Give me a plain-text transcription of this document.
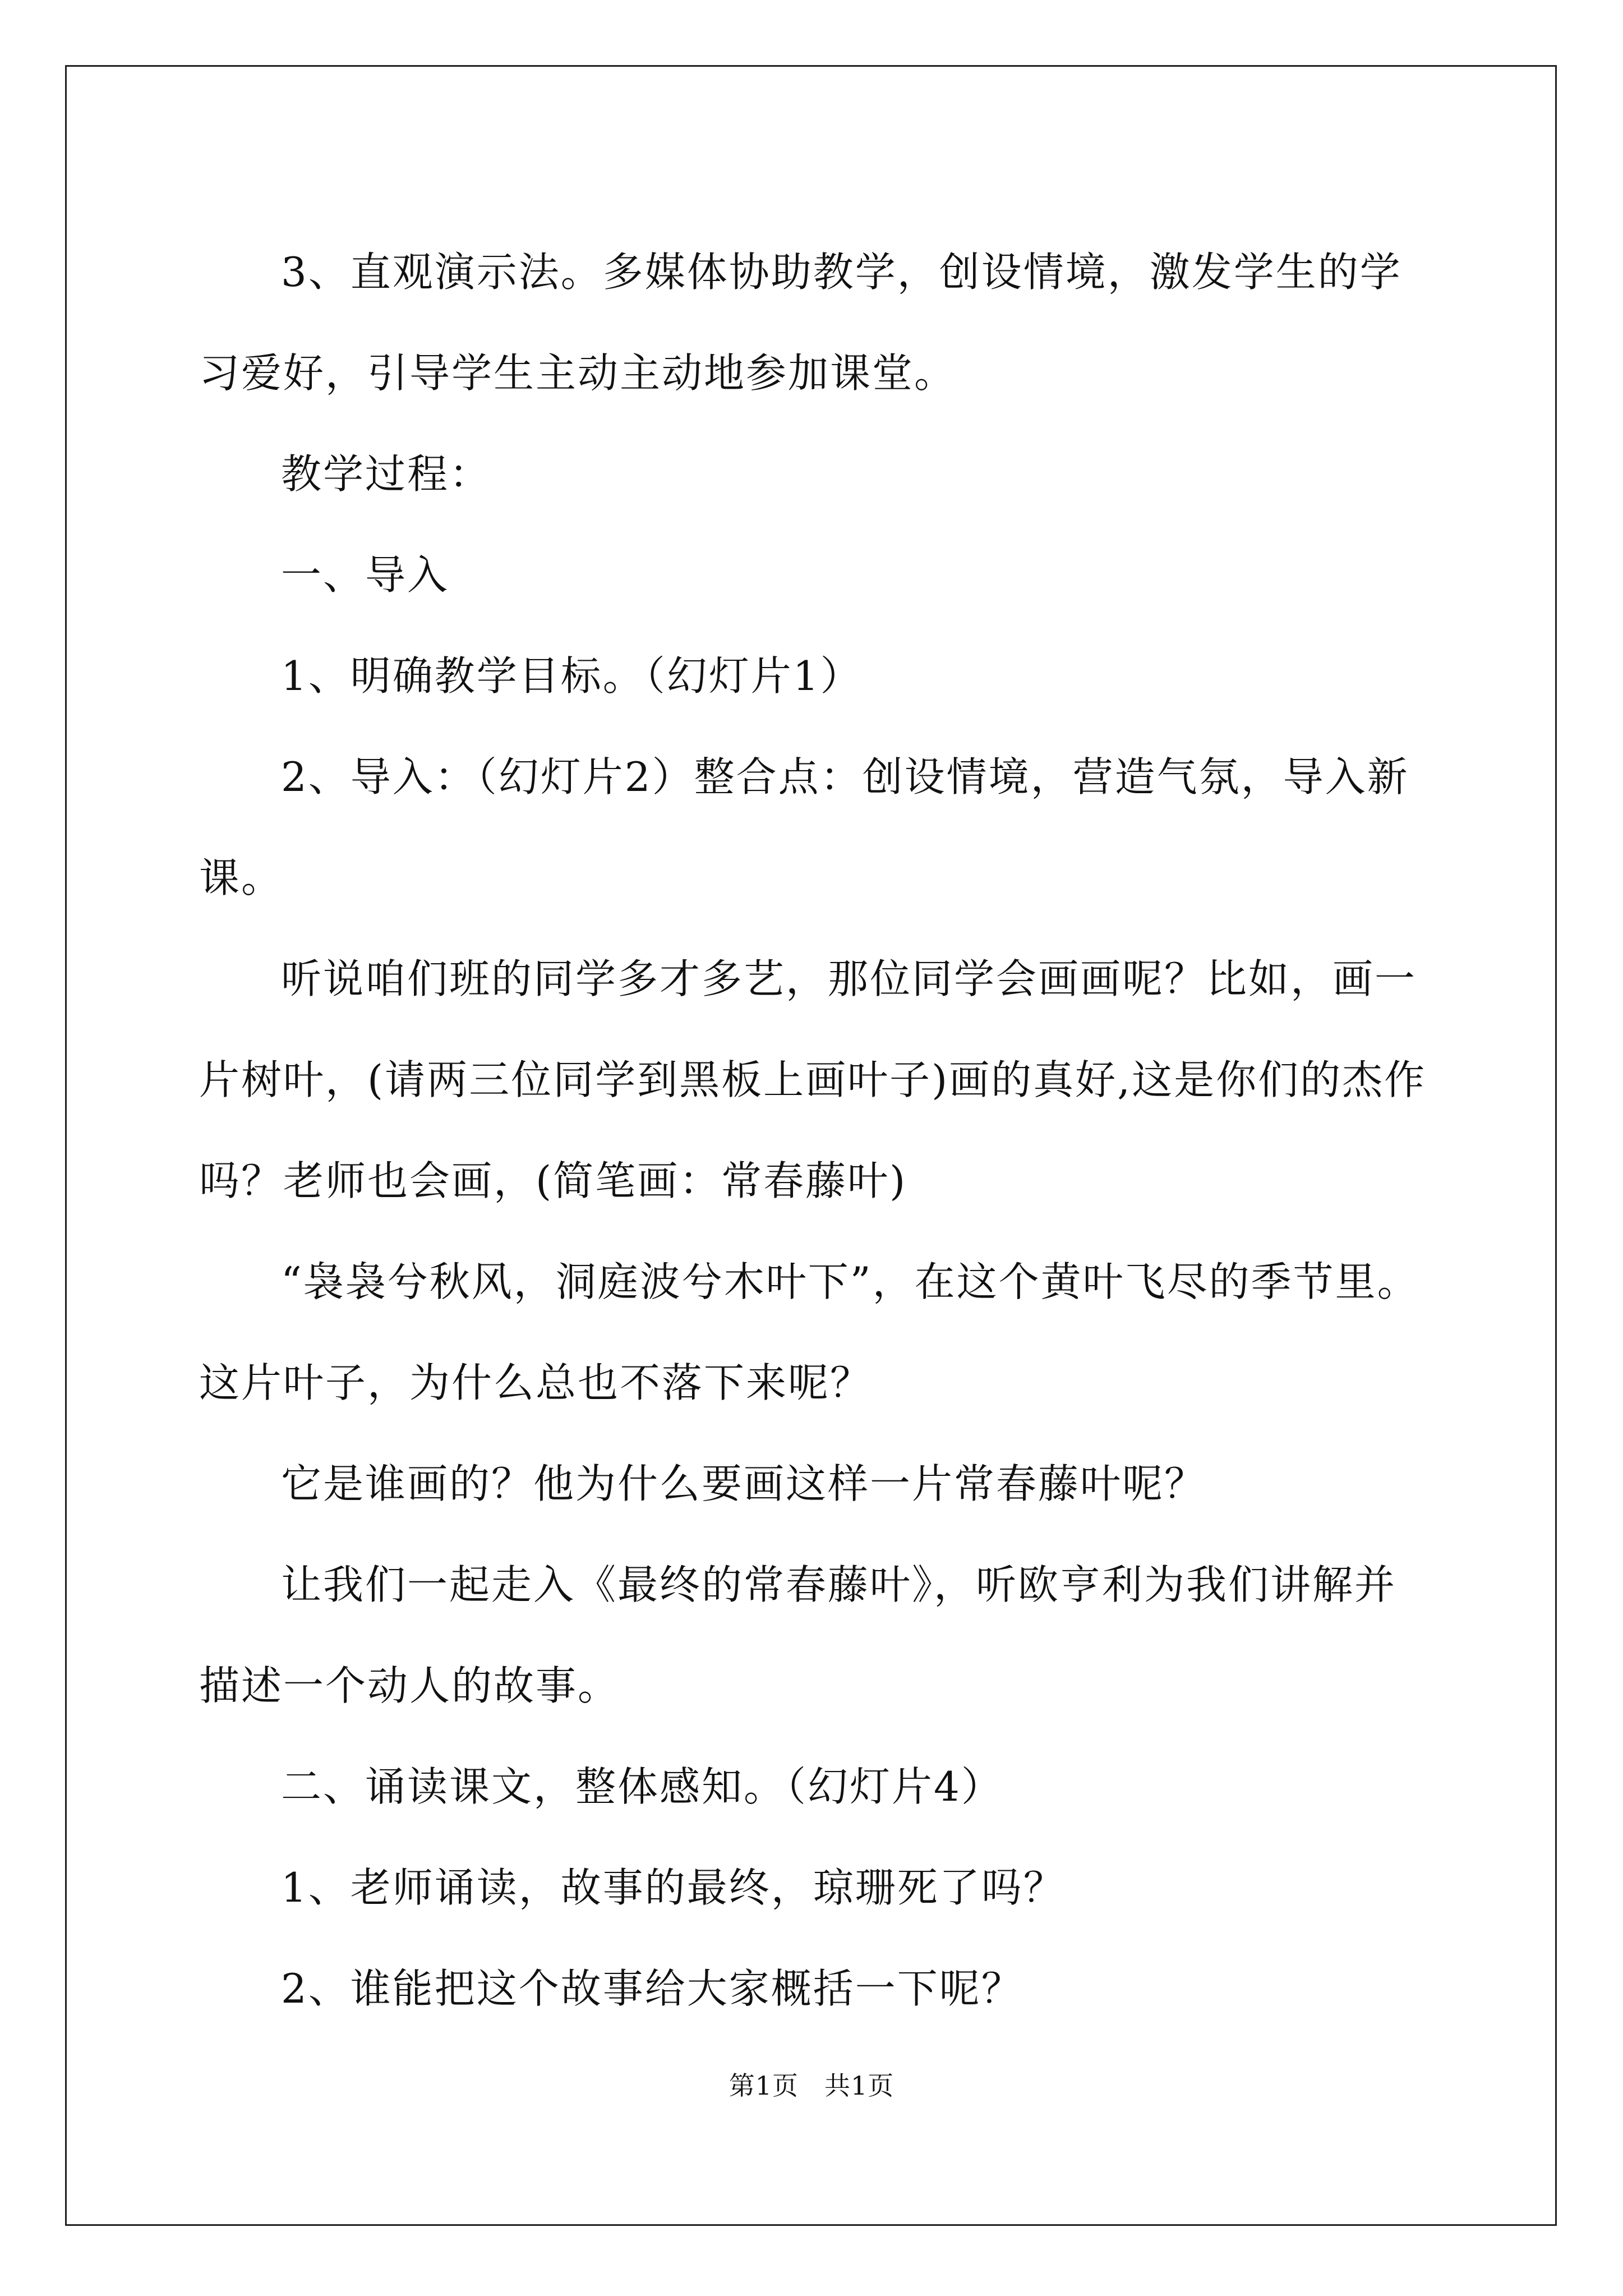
3、直观演示法。多媒体协助教学，创设情境，激发学生的学习爱好，引导学生主动主动地参加课堂。

教学过程：

一、导入

1、明确教学目标。（幻灯片1）

2、导入：（幻灯片2）整合点：创设情境，营造气氛，导入新课。

听说咱们班的同学多才多艺，那位同学会画画呢？比如，画一片树叶，(请两三位同学到黑板上画叶子)画的真好,这是你们的杰作吗？老师也会画，(简笔画：常春藤叶)

“袅袅兮秋风，洞庭波兮木叶下”，在这个黄叶飞尽的季节里。这片叶子，为什么总也不落下来呢？

它是谁画的？他为什么要画这样一片常春藤叶呢？

让我们一起走入《最终的常春藤叶》，听欧亨利为我们讲解并描述一个动人的故事。

二、诵读课文，整体感知。（幻灯片4）

1、老师诵读，故事的最终，琼珊死了吗？

2、谁能把这个故事给大家概括一下呢？

第1页 共1页
